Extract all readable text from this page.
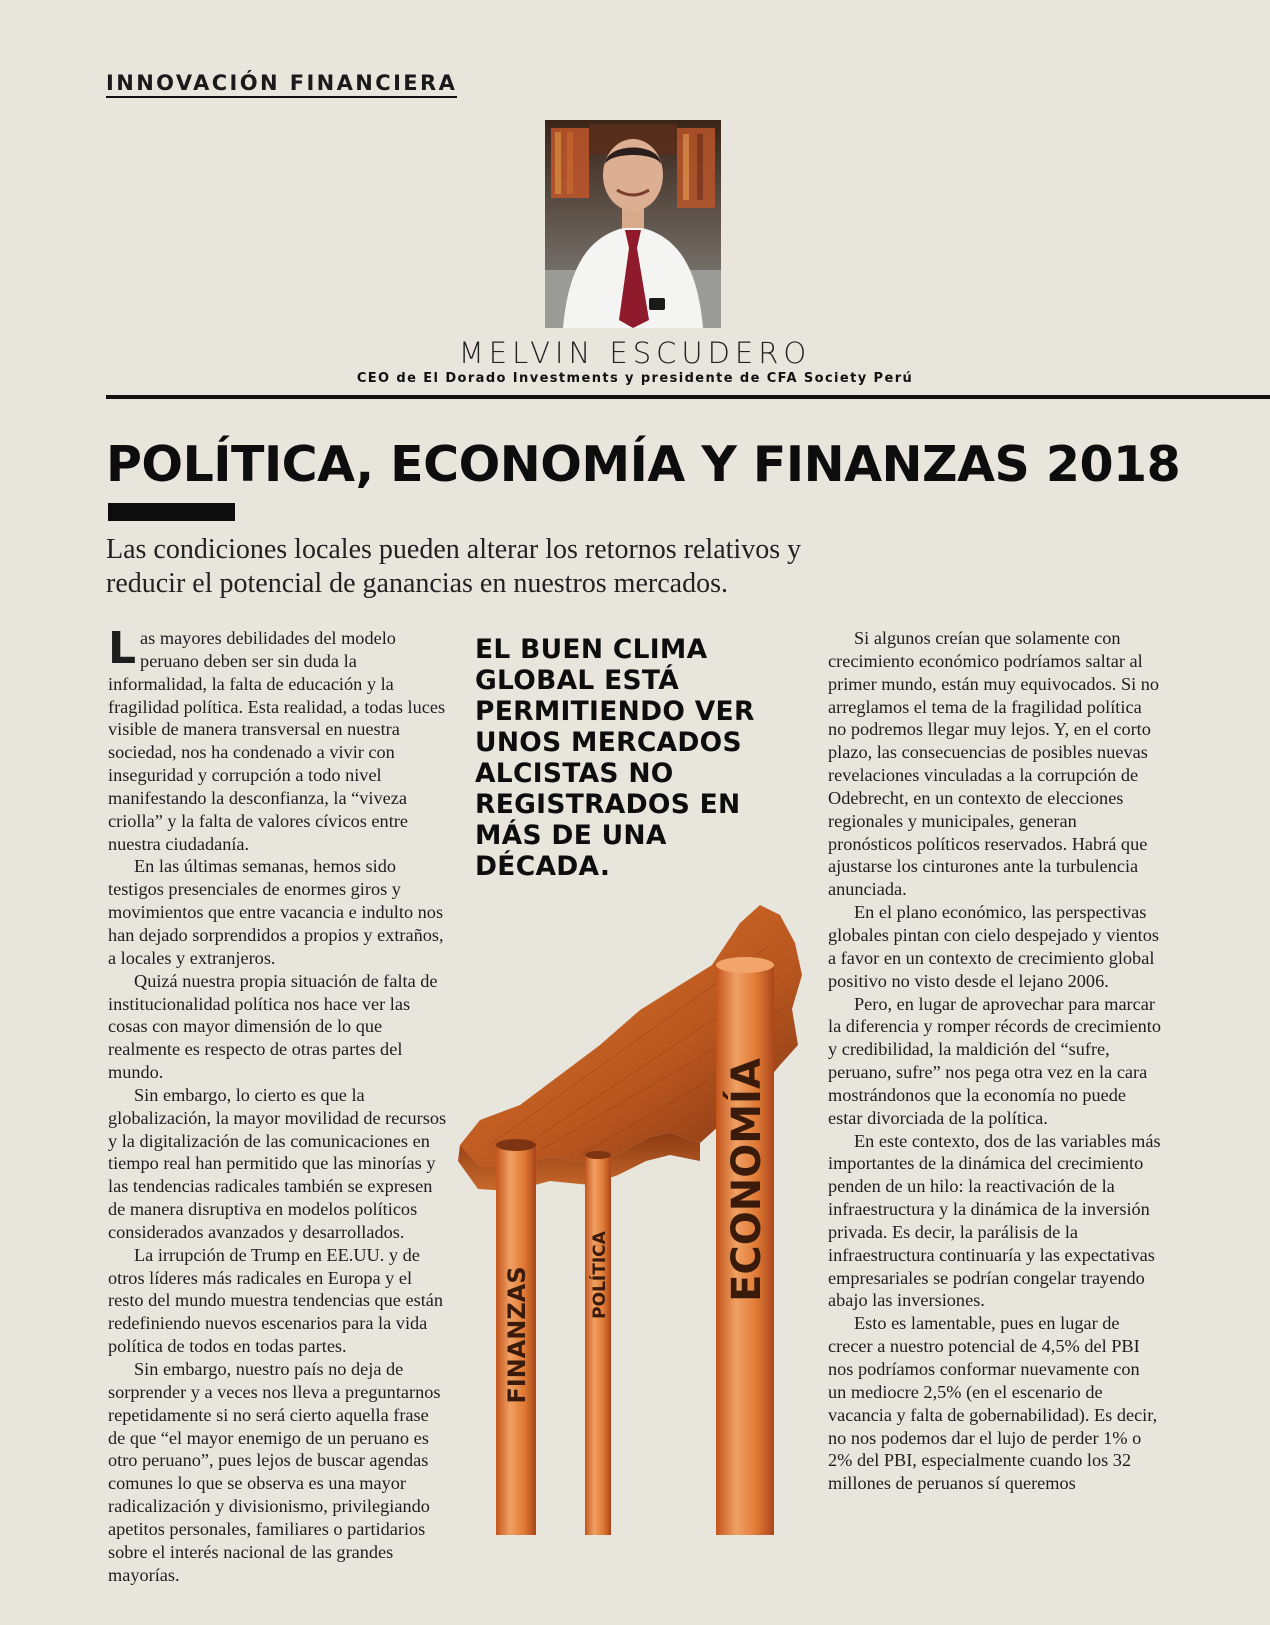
INNOVACIÓN FINANCIERA
MELVIN ESCUDERO
CEO de El Dorado Investments y presidente de CFA Society Perú
POLÍTICA, ECONOMÍA Y FINANZAS 2018

Las condiciones locales pueden alterar los retornos relativos y reducir el potencial de ganancias en nuestros mercados.

Las mayores debilidades del modelo peruano deben ser sin duda la informalidad, la falta de educación y la fragilidad política. Esta realidad, a todas luces visible de manera transversal en nuestra sociedad, nos ha condenado a vivir con inseguridad y corrupción a todo nivel manifestando la desconfianza, la “viveza criolla” y la falta de valores cívicos entre nuestra ciudadanía.

En las últimas semanas, hemos sido testigos presenciales de enormes giros y movimientos que entre vacancia e indulto nos han dejado sorprendidos a propios y extraños, a locales y extranjeros.

Quizá nuestra propia situación de falta de institucionalidad política nos hace ver las cosas con mayor dimensión de lo que realmente es respecto de otras partes del mundo.

Sin embargo, lo cierto es que la globalización, la mayor movilidad de recursos y la digitalización de las comunicaciones en tiempo real han permitido que las minorías y las tendencias radicales también se expresen de manera disruptiva en modelos políticos considerados avanzados y desarrollados.

La irrupción de Trump en EE.UU. y de otros líderes más radicales en Europa y el resto del mundo muestra tendencias que están redefiniendo nuevos escenarios para la vida política de todos en todas partes.

Sin embargo, nuestro país no deja de sorprender y a veces nos lleva a preguntarnos repetidamente si no será cierto aquella frase de que “el mayor enemigo de un peruano es otro peruano”, pues lejos de buscar agendas comunes lo que se observa es una mayor radicalización y divisionismo, privilegiando apetitos personales, familiares o partidarios sobre el interés nacional de las grandes mayorías.

EL BUEN CLIMA GLOBAL ESTÁ PERMITIENDO VER UNOS MERCADOS ALCISTAS NO REGISTRADOS EN MÁS DE UNA DÉCADA.

FINANZAS	POLÍTICA	ECONOMÍA

Si algunos creían que solamente con crecimiento económico podríamos saltar al primer mundo, están muy equivocados. Si no arreglamos el tema de la fragilidad política no podremos llegar muy lejos. Y, en el corto plazo, las consecuencias de posibles nuevas revelaciones vinculadas a la corrupción de Odebrecht, en un contexto de elecciones regionales y municipales, generan pronósticos políticos reservados. Habrá que ajustarse los cinturones ante la turbulencia anunciada.

En el plano económico, las perspectivas globales pintan con cielo despejado y vientos a favor en un contexto de crecimiento global positivo no visto desde el lejano 2006.

Pero, en lugar de aprovechar para marcar la diferencia y romper récords de crecimiento y credibilidad, la maldición del “sufre, peruano, sufre” nos pega otra vez en la cara mostrándonos que la economía no puede estar divorciada de la política.

En este contexto, dos de las variables más importantes de la dinámica del crecimiento penden de un hilo: la reactivación de la infraestructura y la dinámica de la inversión privada. Es decir, la parálisis de la infraestructura continuaría y las expectativas empresariales se podrían congelar trayendo abajo las inversiones.

Esto es lamentable, pues en lugar de crecer a nuestro potencial de 4,5% del PBI nos podríamos conformar nuevamente con un mediocre 2,5% (en el escenario de vacancia y falta de gobernabilidad). Es decir, no nos podemos dar el lujo de perder 1% o 2% del PBI, especialmente cuando los 32 millones de peruanos sí queremos
